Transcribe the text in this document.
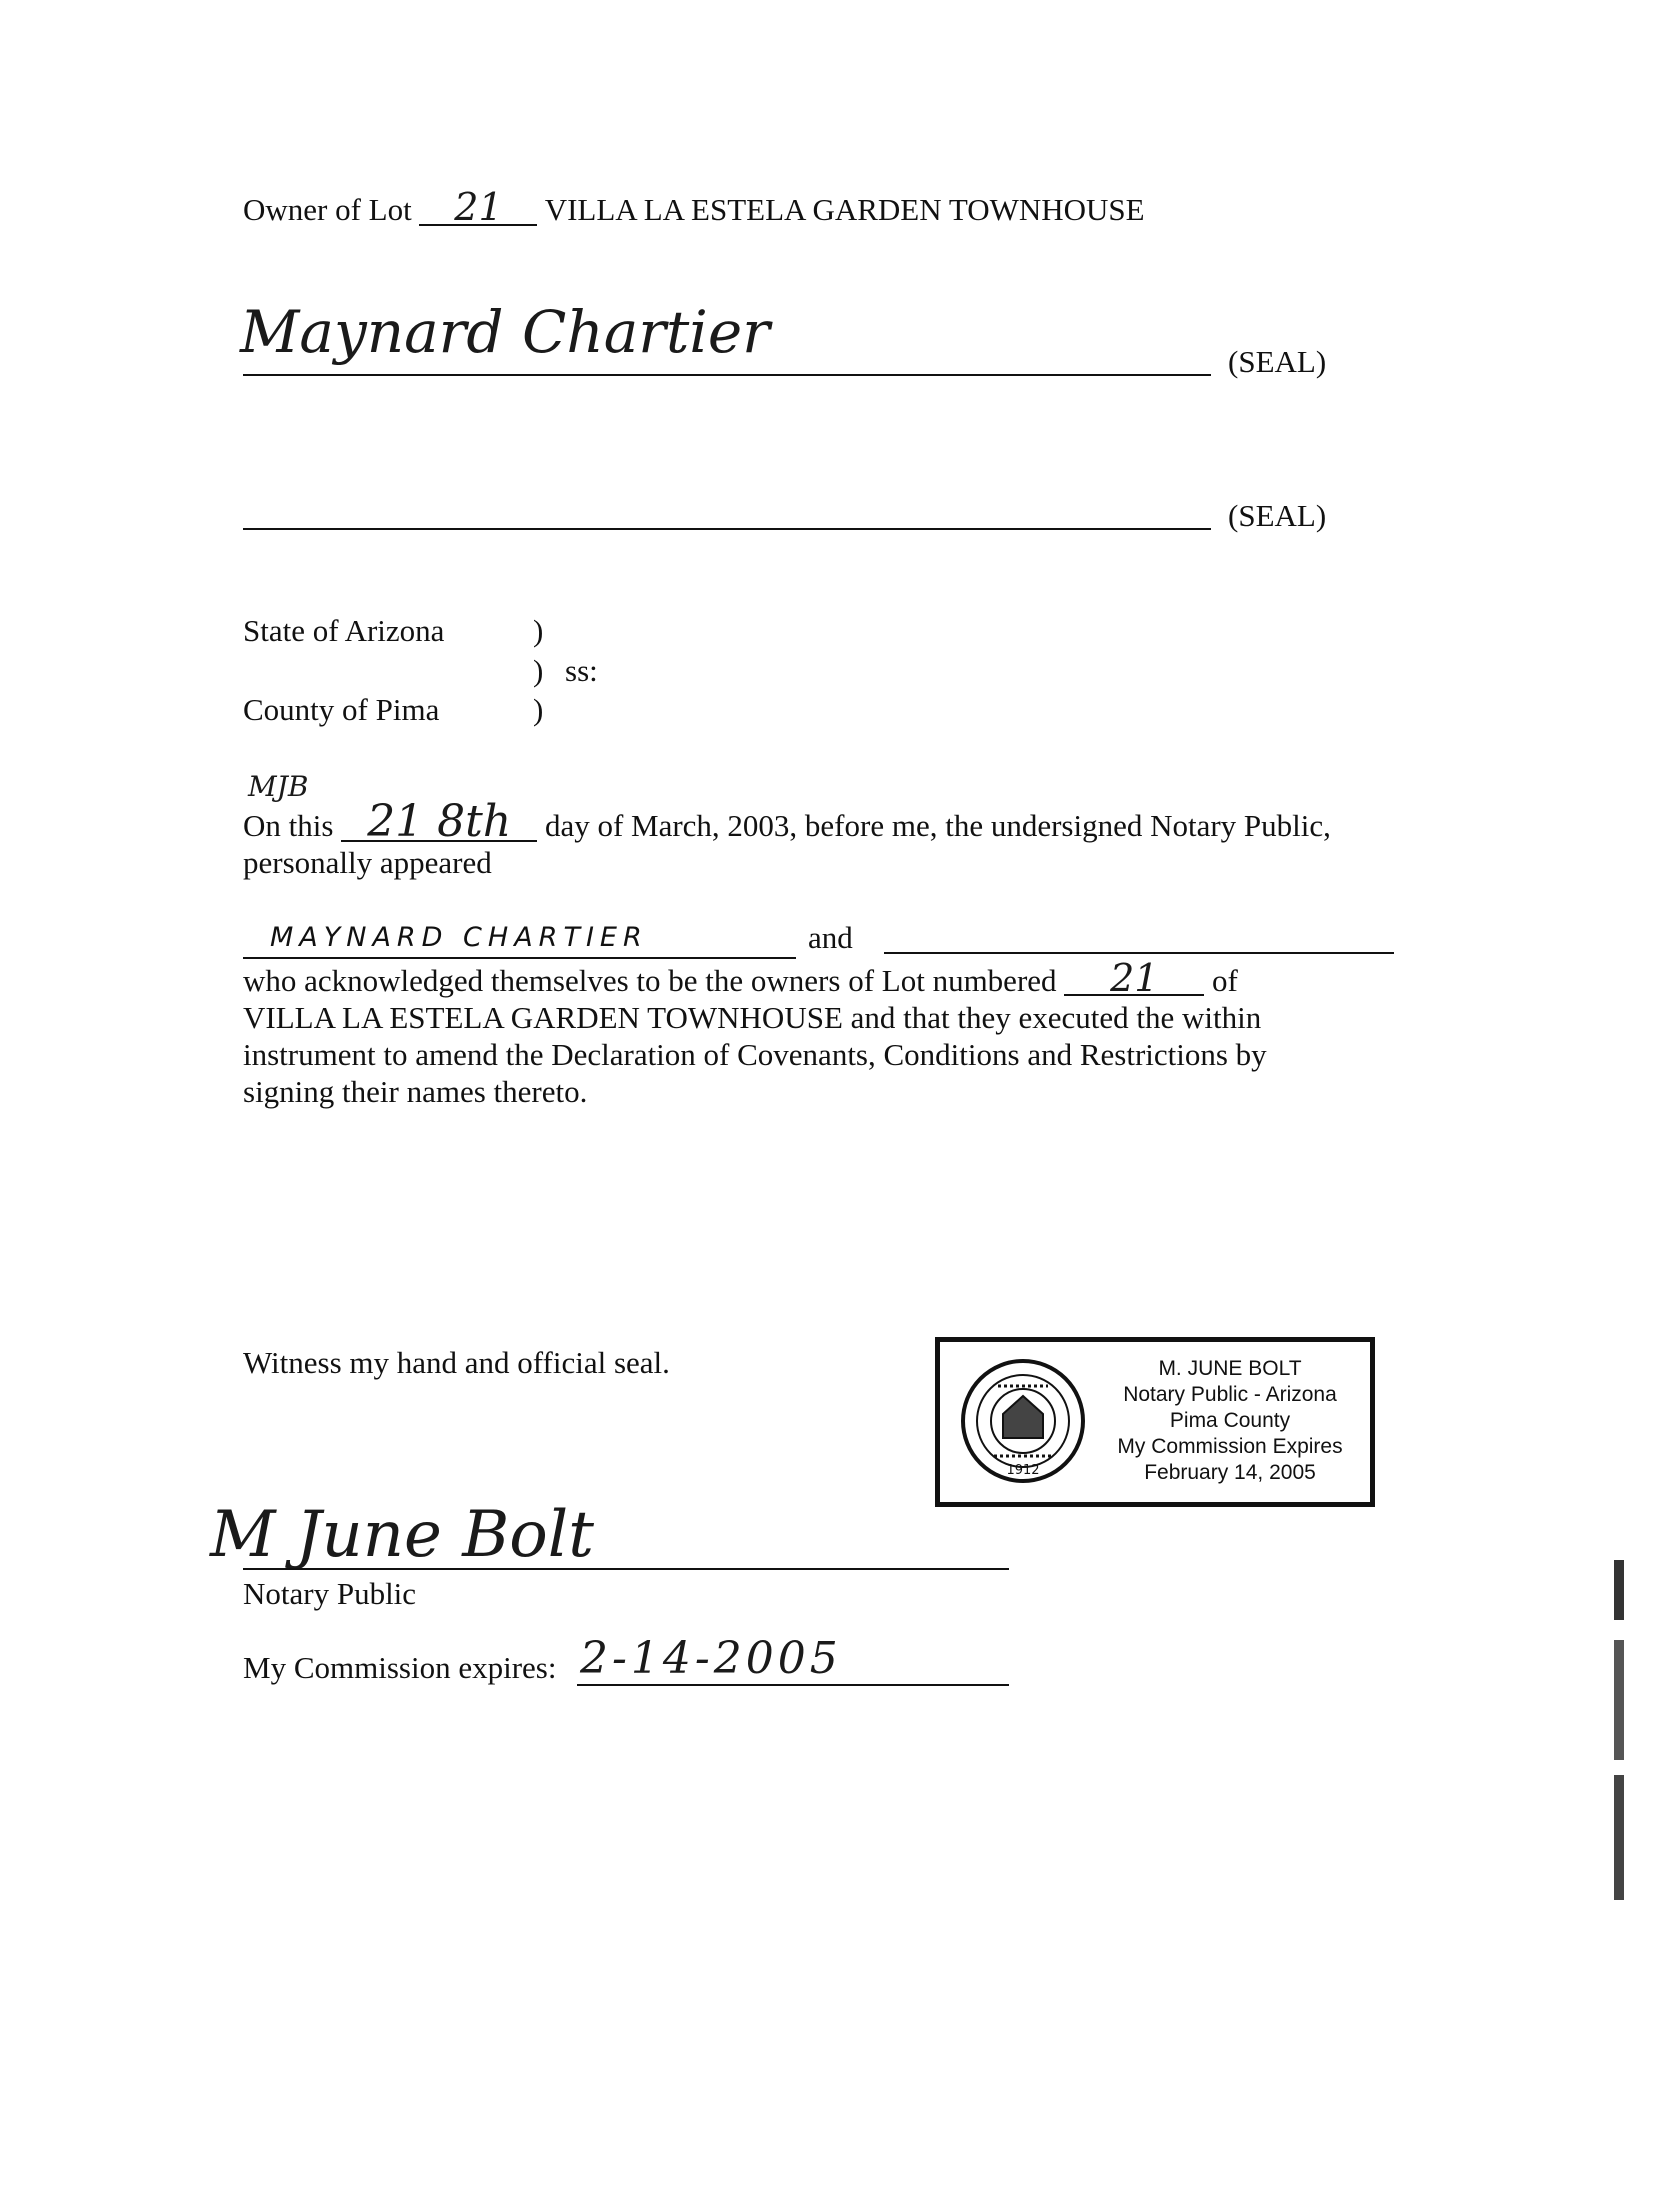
Owner of Lot 21 VILLA LA ESTELA GARDEN TOWNHOUSE
Maynard Chartier	(SEAL)
(SEAL)
State of Arizona	)
) ss:
County of Pima	)
MJB
On this 21 8th day of March, 2003, before me, the undersigned Notary Public,
personally appeared
MAYNARD CHARTIER	and
who acknowledged themselves to be the owners of Lot numbered 21 of
VILLA LA ESTELA GARDEN TOWNHOUSE and that they executed the within
instrument to amend the Declaration of Covenants, Conditions and Restrictions by
signing their names thereto.
Witness my hand and official seal.
1912
M. JUNE BOLT
Notary Public - Arizona
Pima County
My Commission Expires
February 14, 2005
M June Bolt
Notary Public
My Commission expires: 2-14-2005
